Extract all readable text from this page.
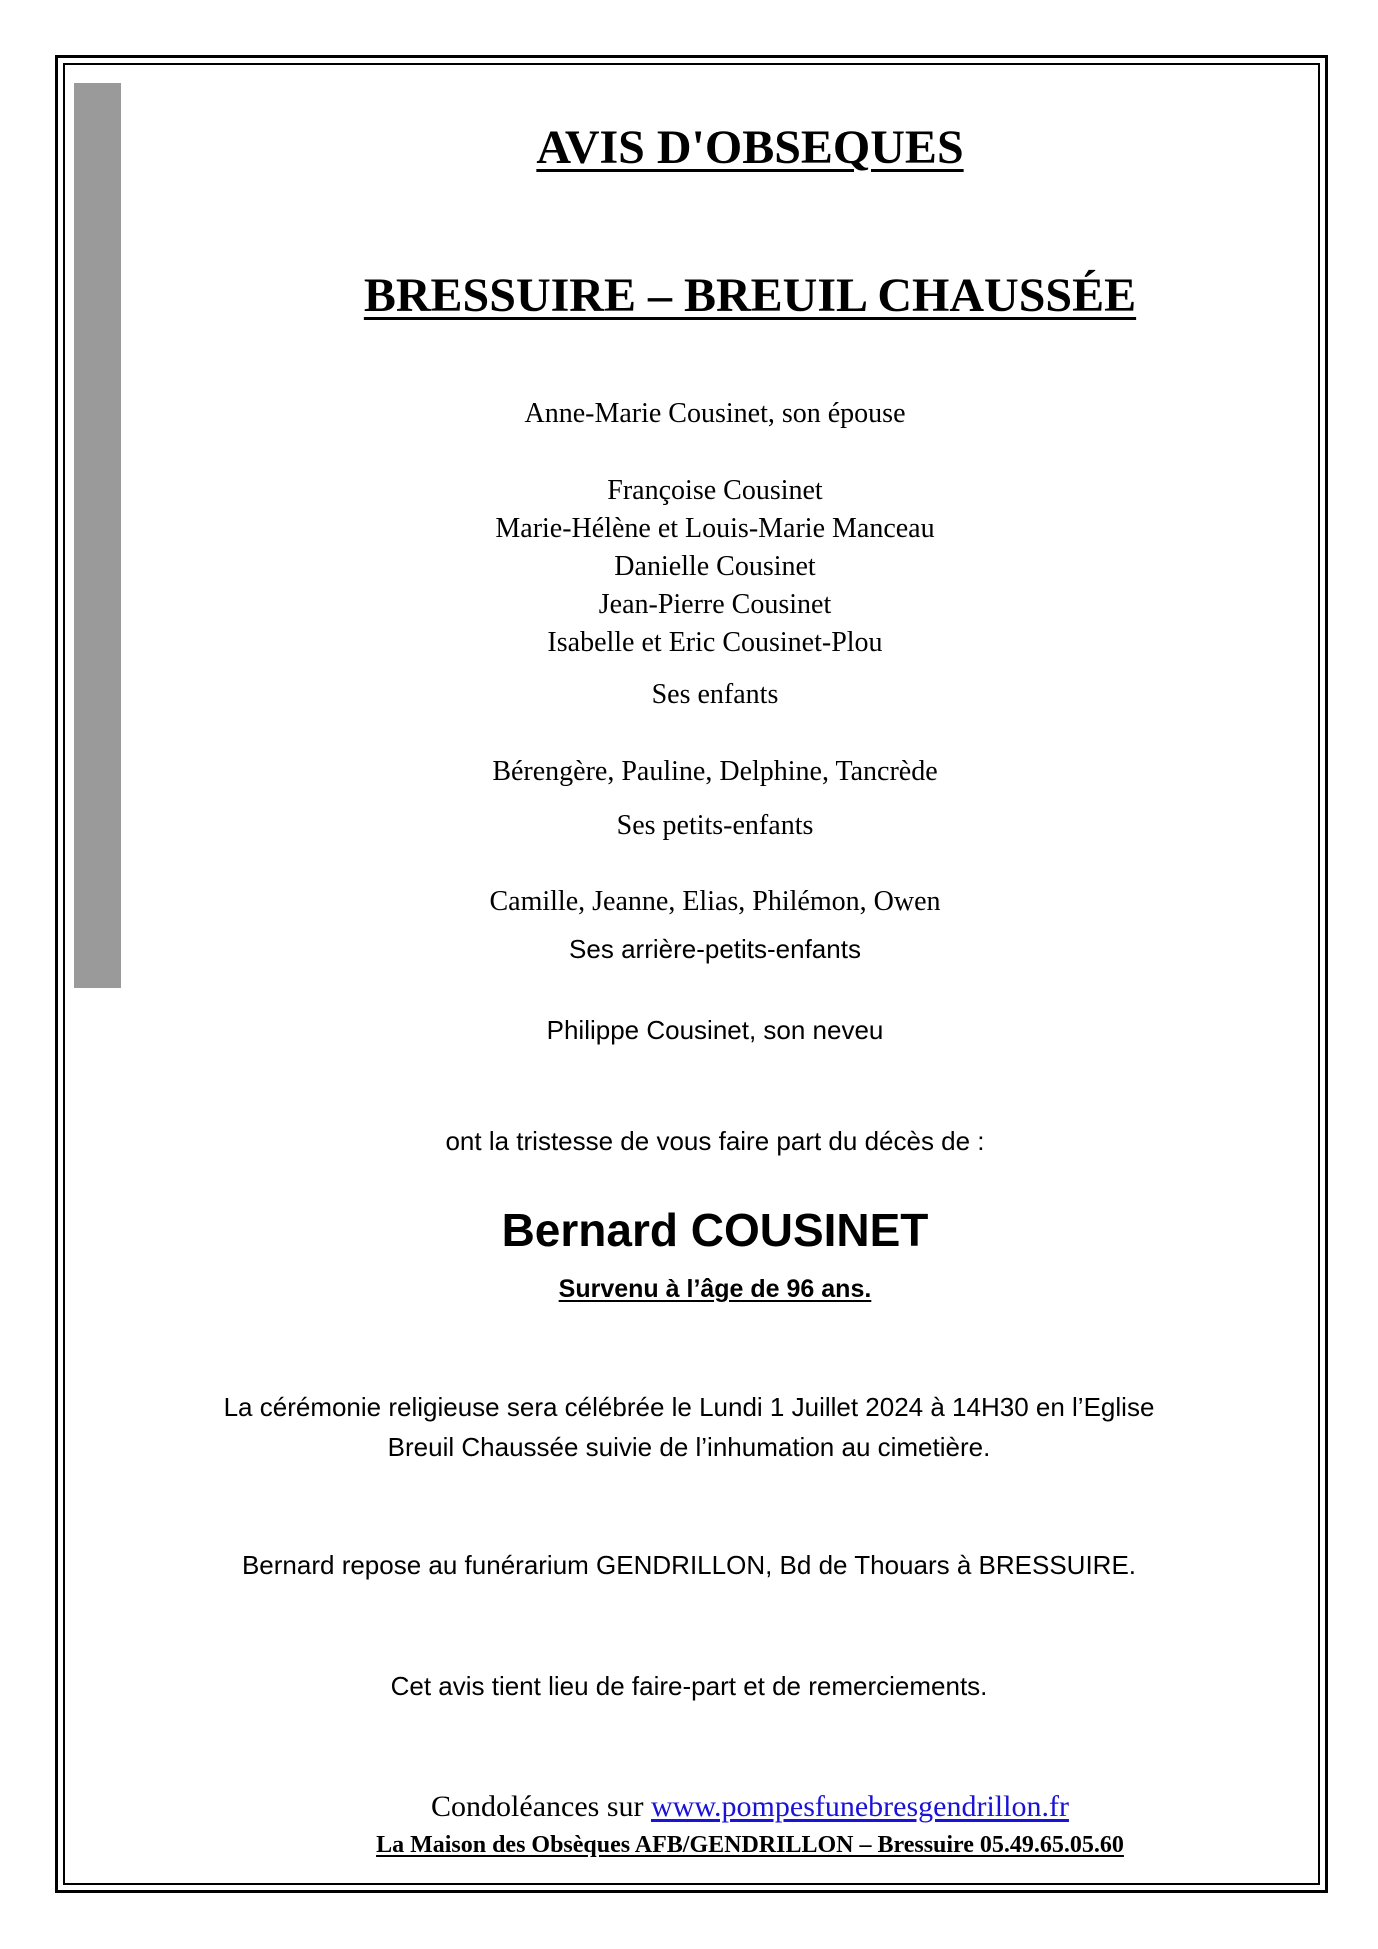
AVIS D'OBSEQUES
BRESSUIRE – BREUIL CHAUSSÉE
Anne-Marie Cousinet, son épouse
Françoise Cousinet
Marie-Hélène et Louis-Marie Manceau
Danielle Cousinet
Jean-Pierre Cousinet
Isabelle et Eric Cousinet-Plou
Ses enfants
Bérengère, Pauline, Delphine, Tancrède
Ses petits-enfants
Camille, Jeanne, Elias, Philémon, Owen
Ses arrière-petits-enfants
Philippe Cousinet, son neveu
ont la tristesse de vous faire part du décès de :
Bernard COUSINET
Survenu à l’âge de 96 ans.
La cérémonie religieuse sera célébrée le Lundi 1 Juillet 2024 à 14H30 en l’Eglise
Breuil Chaussée suivie de l’inhumation au cimetière.
Bernard repose au funérarium GENDRILLON, Bd de Thouars à BRESSUIRE.
Cet avis tient lieu de faire-part et de remerciements.
Condoléances sur www.pompesfunebresgendrillon.fr
La Maison des Obsèques AFB/GENDRILLON – Bressuire 05.49.65.05.60
